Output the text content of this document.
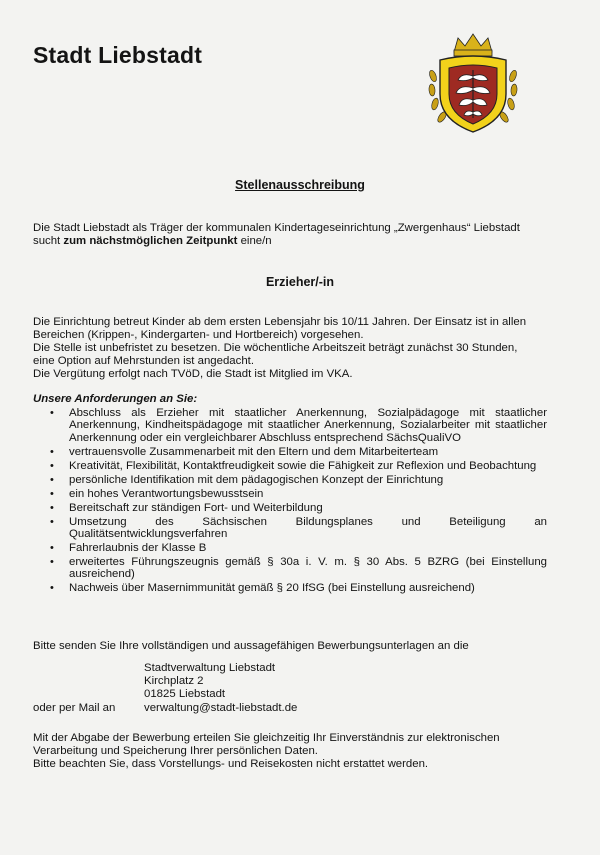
Stadt Liebstadt
Stellenausschreibung
Die Stadt Liebstadt als Träger der kommunalen Kindertageseinrichtung „Zwergenhaus“ Liebstadt
sucht zum nächstmöglichen Zeitpunkt eine/n
Erzieher/-in
Die Einrichtung betreut Kinder ab dem ersten Lebensjahr bis 10/11 Jahren. Der Einsatz ist in allen
Bereichen (Krippen-, Kindergarten- und Hortbereich) vorgesehen.
Die Stelle ist unbefristet zu besetzen. Die wöchentliche Arbeitszeit beträgt zunächst 30 Stunden,
eine Option auf Mehrstunden ist angedacht.
Die Vergütung erfolgt nach TVöD, die Stadt ist Mitglied im VKA.
Unsere Anforderungen an Sie:
• Abschluss als Erzieher mit staatlicher Anerkennung, Sozialpädagoge mit staatlicher Anerkennung, Kindheitspädagoge mit staatlicher Anerkennung, Sozialarbeiter mit staatlicher Anerkennung oder ein vergleichbarer Abschluss entsprechend SächsQualiVO
• vertrauensvolle Zusammenarbeit mit den Eltern und dem Mitarbeiterteam
• Kreativität, Flexibilität, Kontaktfreudigkeit sowie die Fähigkeit zur Reflexion und Beobachtung
• persönliche Identifikation mit dem pädagogischen Konzept der Einrichtung
• ein hohes Verantwortungsbewusstsein
• Bereitschaft zur ständigen Fort- und Weiterbildung
• Umsetzung des Sächsischen Bildungsplanes und Beteiligung an Qualitätsentwicklungsverfahren
• Fahrerlaubnis der Klasse B
• erweitertes Führungszeugnis gemäß § 30a i. V. m. § 30 Abs. 5 BZRG (bei Einstellung ausreichend)
• Nachweis über Masernimmunität gemäß § 20 IfSG (bei Einstellung ausreichend)
Bitte senden Sie Ihre vollständigen und aussagefähigen Bewerbungsunterlagen an die
Stadtverwaltung Liebstadt
Kirchplatz 2
01825 Liebstadt
oder per Mail an	verwaltung@stadt-liebstadt.de
Mit der Abgabe der Bewerbung erteilen Sie gleichzeitig Ihr Einverständnis zur elektronischen
Verarbeitung und Speicherung Ihrer persönlichen Daten.
Bitte beachten Sie, dass Vorstellungs- und Reisekosten nicht erstattet werden.
